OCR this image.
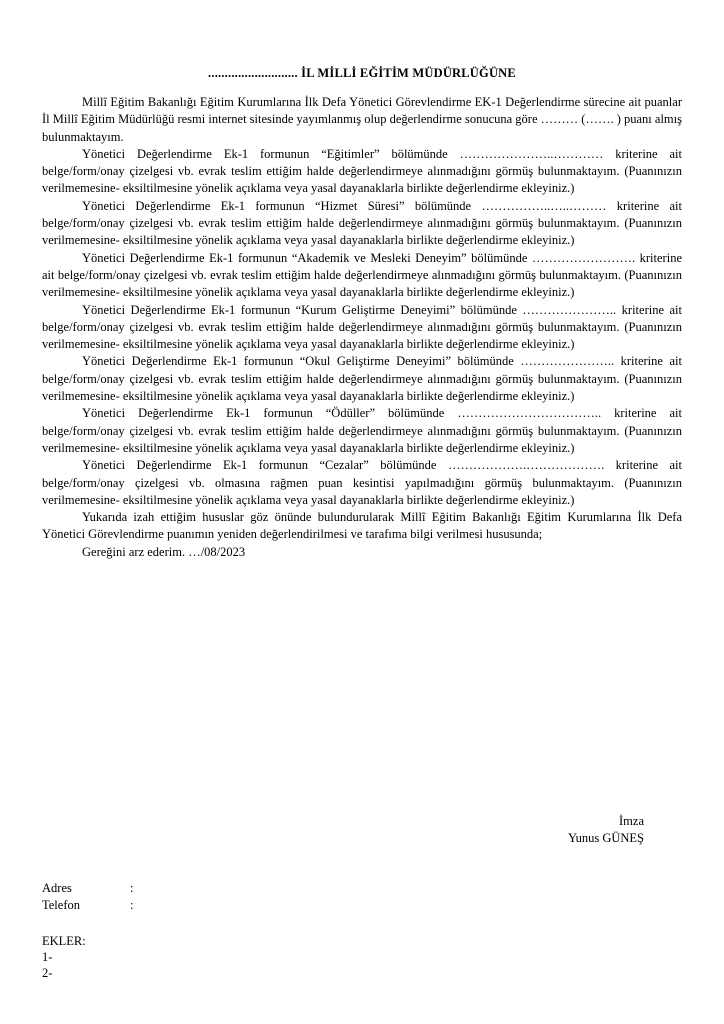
........................... İL MİLLİ EĞİTİM MÜDÜRLÜĞÜNE

Millî Eğitim Bakanlığı Eğitim Kurumlarına İlk Defa Yönetici Görevlendirme EK-1 Değerlendirme sürecine ait puanlar İl Millî Eğitim Müdürlüğü resmi internet sitesinde yayımlanmış olup değerlendirme sonucuna göre ……… (……. ) puanı almış bulunmaktayım.

Yönetici Değerlendirme Ek-1 formunun “Eğitimler” bölümünde …………………..………… kriterine ait belge/form/onay çizelgesi vb. evrak teslim ettiğim halde değerlendirmeye alınmadığını görmüş bulunmaktayım. (Puanınızın verilmemesine- eksiltilmesine yönelik açıklama veya yasal dayanaklarla birlikte değerlendirme ekleyiniz.)

Yönetici Değerlendirme Ek-1 formunun “Hizmet Süresi” bölümünde ……………..…..……… kriterine ait belge/form/onay çizelgesi vb. evrak teslim ettiğim halde değerlendirmeye alınmadığını görmüş bulunmaktayım. (Puanınızın verilmemesine- eksiltilmesine yönelik açıklama veya yasal dayanaklarla birlikte değerlendirme ekleyiniz.)

Yönetici Değerlendirme Ek-1 formunun “Akademik ve Mesleki Deneyim” bölümünde ……………………. kriterine ait belge/form/onay çizelgesi vb. evrak teslim ettiğim halde değerlendirmeye alınmadığını görmüş bulunmaktayım. (Puanınızın verilmemesine- eksiltilmesine yönelik açıklama veya yasal dayanaklarla birlikte değerlendirme ekleyiniz.)

Yönetici Değerlendirme Ek-1 formunun “Kurum Geliştirme Deneyimi” bölümünde ………………….. kriterine ait belge/form/onay çizelgesi vb. evrak teslim ettiğim halde değerlendirmeye alınmadığını görmüş bulunmaktayım. (Puanınızın verilmemesine- eksiltilmesine yönelik açıklama veya yasal dayanaklarla birlikte değerlendirme ekleyiniz.)

Yönetici Değerlendirme Ek-1 formunun “Okul Geliştirme Deneyimi” bölümünde ………………….. kriterine ait belge/form/onay çizelgesi vb. evrak teslim ettiğim halde değerlendirmeye alınmadığını görmüş bulunmaktayım. (Puanınızın verilmemesine- eksiltilmesine yönelik açıklama veya yasal dayanaklarla birlikte değerlendirme ekleyiniz.)

Yönetici Değerlendirme Ek-1 formunun “Ödüller” bölümünde …………………………….. kriterine ait belge/form/onay çizelgesi vb. evrak teslim ettiğim halde değerlendirmeye alınmadığını görmüş bulunmaktayım. (Puanınızın verilmemesine- eksiltilmesine yönelik açıklama veya yasal dayanaklarla birlikte değerlendirme ekleyiniz.)

Yönetici Değerlendirme Ek-1 formunun “Cezalar” bölümünde ……………….………………. kriterine ait belge/form/onay çizelgesi vb. olmasına rağmen puan kesintisi yapılmadığını görmüş bulunmaktayım. (Puanınızın verilmemesine- eksiltilmesine yönelik açıklama veya yasal dayanaklarla birlikte değerlendirme ekleyiniz.)

Yukarıda izah ettiğim hususlar göz önünde bulundurularak Millî Eğitim Bakanlığı Eğitim Kurumlarına İlk Defa Yönetici Görevlendirme puanımın yeniden değerlendirilmesi ve tarafıma bilgi verilmesi hususunda;

Gereğini arz ederim. …/08/2023

İmza
Yunus GÜNEŞ
Adres	:
Telefon	:
EKLER:
1-
2-
